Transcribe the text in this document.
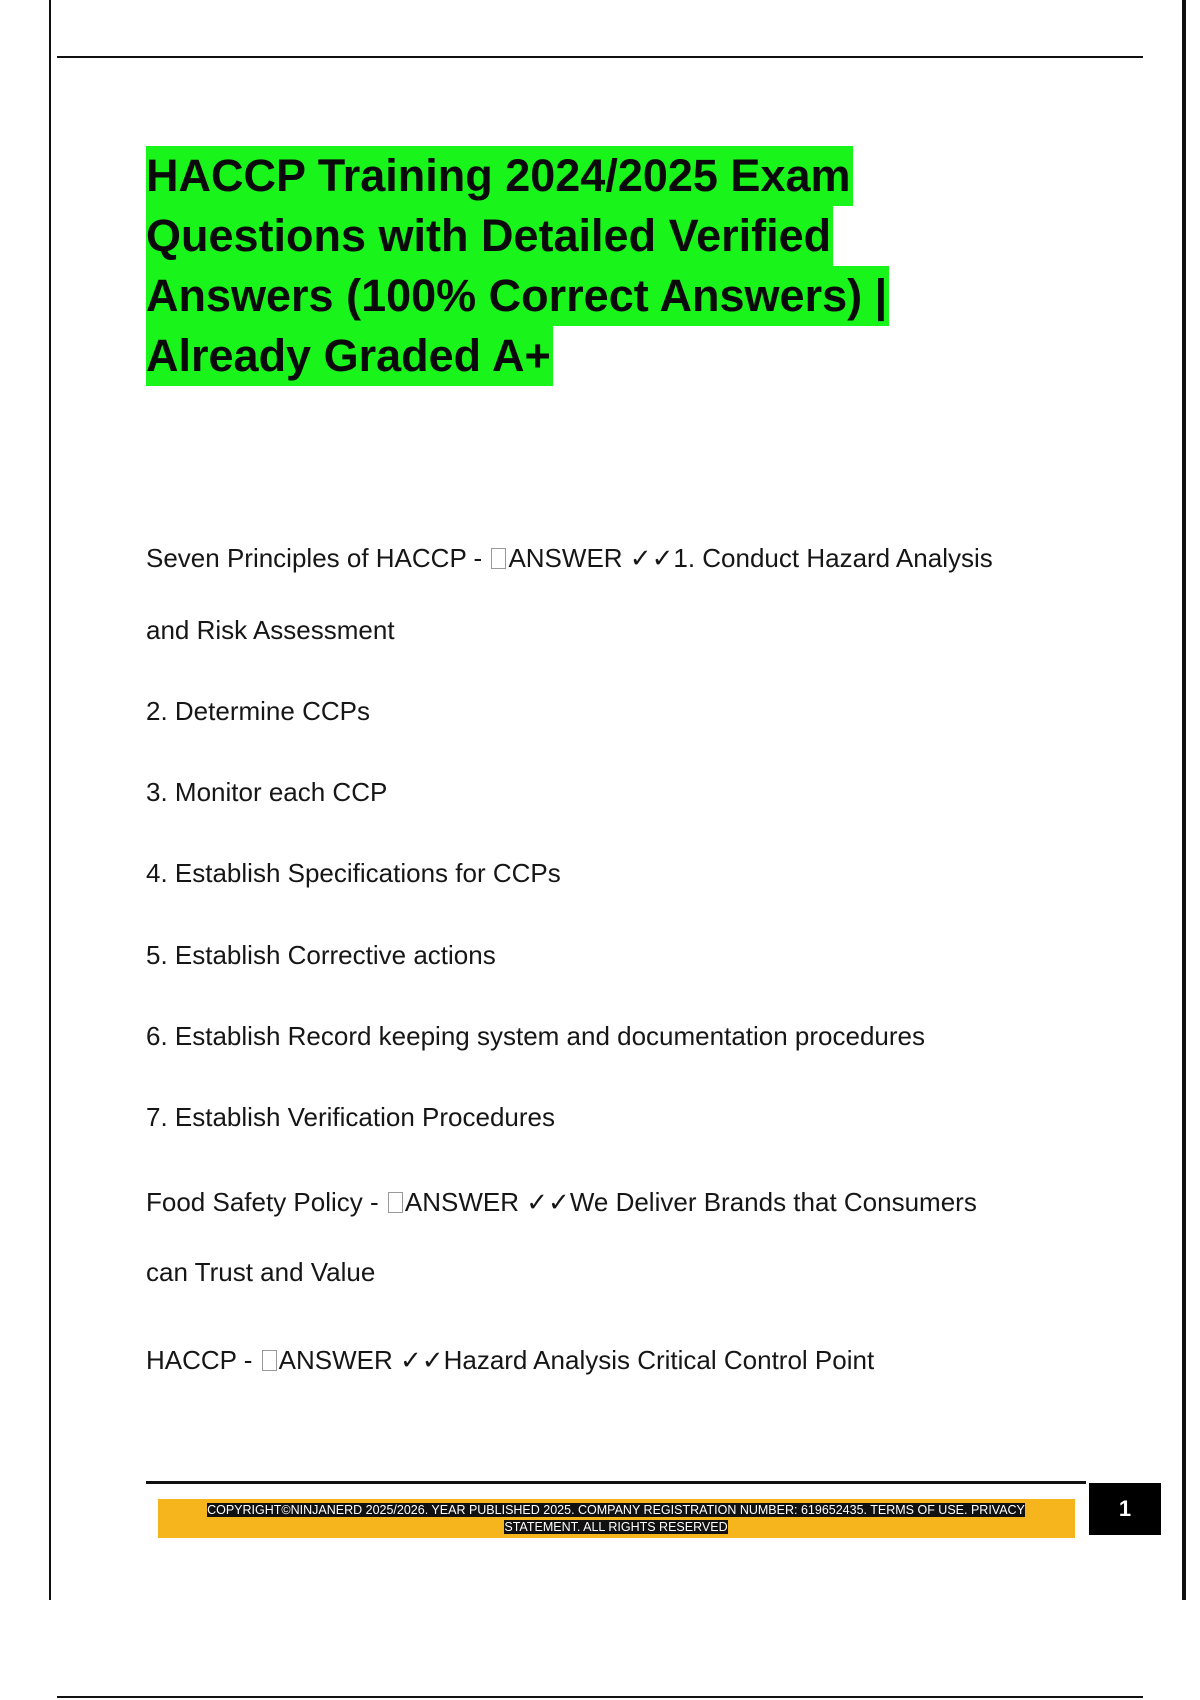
HACCP Training 2024/2025 Exam
Questions with Detailed Verified
Answers (100% Correct Answers) |
Already Graded A+
Seven Principles of HACCP - ANSWER ✓✓1. Conduct Hazard Analysis
and Risk Assessment
2. Determine CCPs
3. Monitor each CCP
4. Establish Specifications for CCPs
5. Establish Corrective actions
6. Establish Record keeping system and documentation procedures
7. Establish Verification Procedures
Food Safety Policy - ANSWER ✓✓We Deliver Brands that Consumers
can Trust and Value
HACCP - ANSWER ✓✓Hazard Analysis Critical Control Point
COPYRIGHT©NINJANERD 2025/2026. YEAR PUBLISHED 2025. COMPANY REGISTRATION NUMBER: 619652435. TERMS OF USE. PRIVACY
STATEMENT. ALL RIGHTS RESERVED
1
